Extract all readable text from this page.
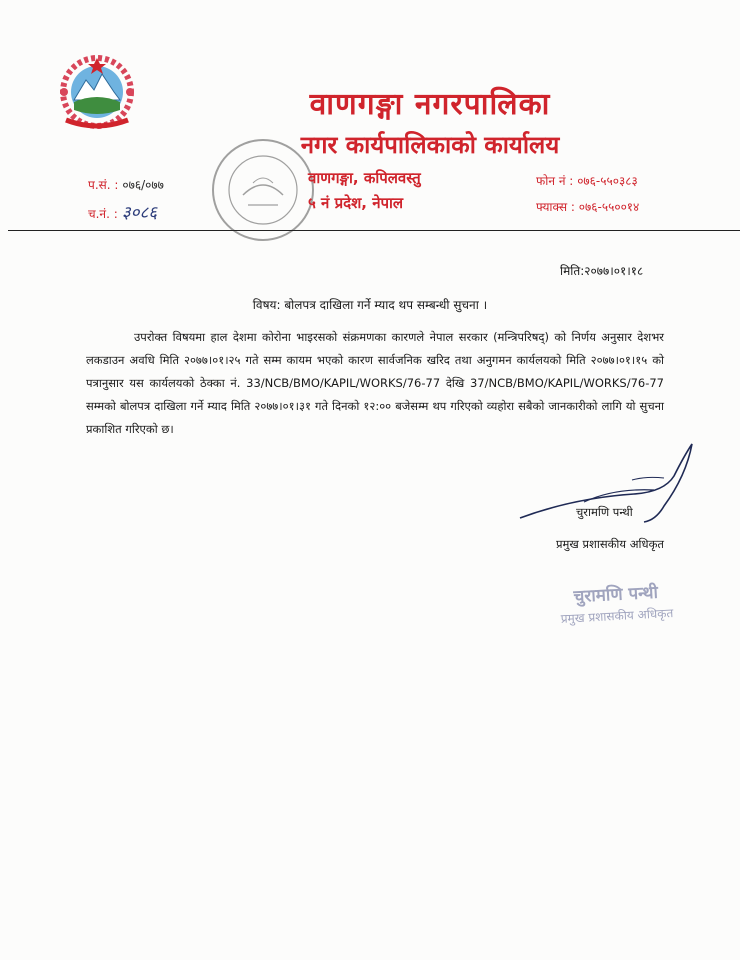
वाणगङ्गा नगरपालिका
नगर कार्यपालिकाको कार्यालय
वाणगङ्गा, कपिलवस्तु
५ नं प्रदेश, नेपाल
प.सं. : ०७६/०७७
च.नं. : ३०८६
फोन नं : ०७६-५५०३८३
फ्याक्स : ०७६-५५००१४
मिति:२०७७।०१।१८
विषय: बोलपत्र दाखिला गर्ने म्याद थप सम्बन्धी सुचना ।
उपरोक्त विषयमा हाल देशमा कोरोना भाइरसको संक्रमणका कारणले नेपाल सरकार (मन्त्रिपरिषद्) को निर्णय अनुसार देशभर लकडाउन अवधि मिति २०७७।०१।२५ गते सम्म कायम भएको कारण सार्वजनिक खरिद तथा अनुगमन कार्यलयको मिति २०७७।०१।१५ को पत्रानुसार यस कार्यलयको ठेक्का नं. 33/NCB/BMO/KAPIL/WORKS/76-77 देखि 37/NCB/BMO/KAPIL/WORKS/76-77 सम्मको बोलपत्र दाखिला गर्ने म्याद मिति २०७७।०१।३१ गते दिनको १२:०० बजेसम्म थप गरिएको व्यहोरा सबैको जानकारीको लागि यो सुचना प्रकाशित गरिएको छ।
चुरामणि पन्थी
प्रमुख प्रशासकीय अधिकृत
चुरामणि पन्थी
प्रमुख प्रशासकीय अधिकृत
